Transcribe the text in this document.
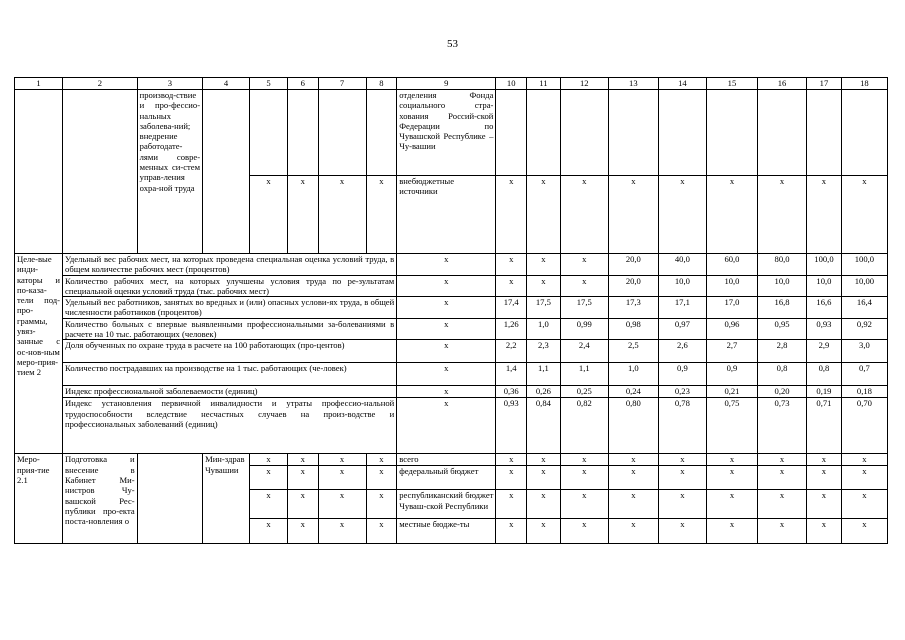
53
1	2	3	4	5	6	7	8	9	10	11	12	13	14	15	16	17	18
		производ-ствие и про-фессио-нальных заболева-ний; внедрение работодате-лями совре-менных си-стем управ-ления охра-ной труда						отделения Фонда социального стра-хования Россий-ской Федерации по Чувашской Республике – Чу-вашии									
				x	x	x	x	внебюджетные источники	x	x	x	x	x	x	x	x	x
Целе-вые инди-каторы и по-каза-тели под-про-граммы, увяз-занные с ос-нов-ным меро-прия-тием 2	Удельный вес рабочих мест, на которых проведена специальная оценка условий труда, в общем количестве рабочих мест (процентов)							x	x	x	x	20,0	40,0	60,0	80,0	100,0	100,0
	Количество рабочих мест, на которых улучшены условия труда по ре-зультатам специальной оценки условий труда (тыс. рабочих мест)							x	x	x	x	20,0	10,0	10,0	10,0	10,0	10,00
	Удельный вес работников, занятых во вредных и (или) опасных услови-ях труда, в общей численности работников (процентов)							x	17,4	17,5	17,5	17,3	17,1	17,0	16,8	16,6	16,4
	Количество больных с впервые выявленными профессиональными за-болеваниями в расчете на 10 тыс. работающих (человек)							x	1,26	1,0	0,99	0,98	0,97	0,96	0,95	0,93	0,92
	Доля обученных по охране труда в расчете на 100 работающих (про-центов)							x	2,2	2,3	2,4	2,5	2,6	2,7	2,8	2,9	3,0
	Количество пострадавших на производстве на 1 тыс. работающих (че-ловек)							x	1,4	1,1	1,1	1,0	0,9	0,9	0,8	0,8	0,7
	Индекс профессиональной заболеваемости (единиц)							x	0,36	0,26	0,25	0,24	0,23	0,21	0,20	0,19	0,18
	Индекс установления первичной инвалидности и утраты профессио-нальной трудоспособности вследствие несчастных случаев на произ-водстве и профессиональных заболеваний (единиц)							x	0,93	0,84	0,82	0,80	0,78	0,75	0,73	0,71	0,70
Меро-прия-тие 2.1	Подготовка и внесение в Кабинет Ми-нистров Чу-вашской Рес-публики про-екта поста-новления о		Мин-здрав Чувашии	x	x	x	x	всего	x	x	x	x	x	x	x	x	x
				x	x	x	x	федеральный бюджет	x	x	x	x	x	x	x	x	x
				x	x	x	x	республиканский бюджет Чуваш-ской Республики	x	x	x	x	x	x	x	x	x
				x	x	x	x	местные бюдже-ты	x	x	x	x	x	x	x	x	x
